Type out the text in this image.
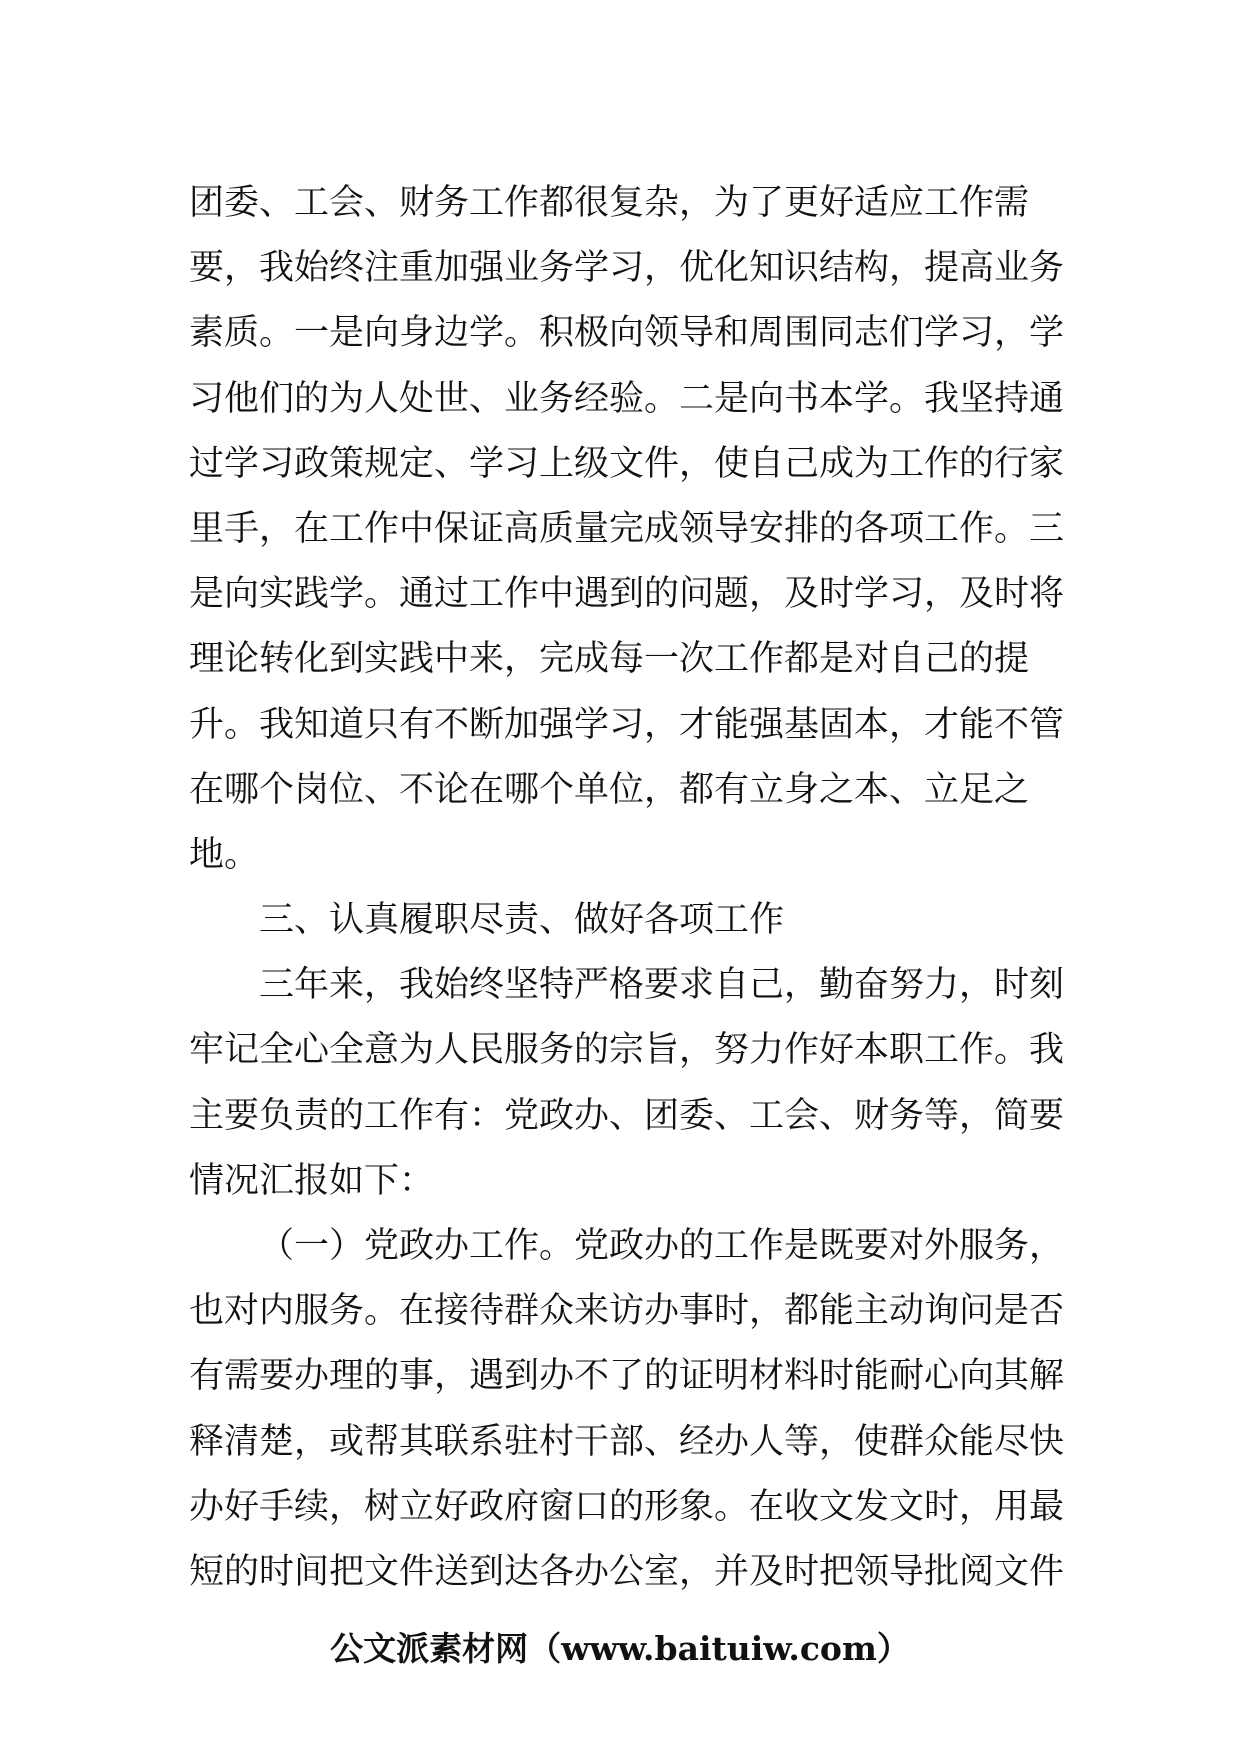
团委、工会、财务工作都很复杂，为了更好适应工作需
要，我始终注重加强业务学习，优化知识结构，提高业务
素质。一是向身边学。积极向领导和周围同志们学习，学
习他们的为人处世、业务经验。二是向书本学。我坚持通
过学习政策规定、学习上级文件，使自己成为工作的行家
里手，在工作中保证高质量完成领导安排的各项工作。三
是向实践学。通过工作中遇到的问题，及时学习，及时将
理论转化到实践中来，完成每一次工作都是对自己的提
升。我知道只有不断加强学习，才能强基固本，才能不管
在哪个岗位、不论在哪个单位，都有立身之本、立足之
地。
三、认真履职尽责、做好各项工作
三年来，我始终坚特严格要求自己，勤奋努力，时刻
牢记全心全意为人民服务的宗旨，努力作好本职工作。我
主要负责的工作有：党政办、团委、工会、财务等，简要
情况汇报如下：
（一）党政办工作。党政办的工作是既要对外服务，
也对内服务。在接待群众来访办事时，都能主动询问是否
有需要办理的事，遇到办不了的证明材料时能耐心向其解
释清楚，或帮其联系驻村干部、经办人等，使群众能尽快
办好手续，树立好政府窗口的形象。在收文发文时，用最
短的时间把文件送到达各办公室，并及时把领导批阅文件
公文派素材网（www.baituiw.com）
